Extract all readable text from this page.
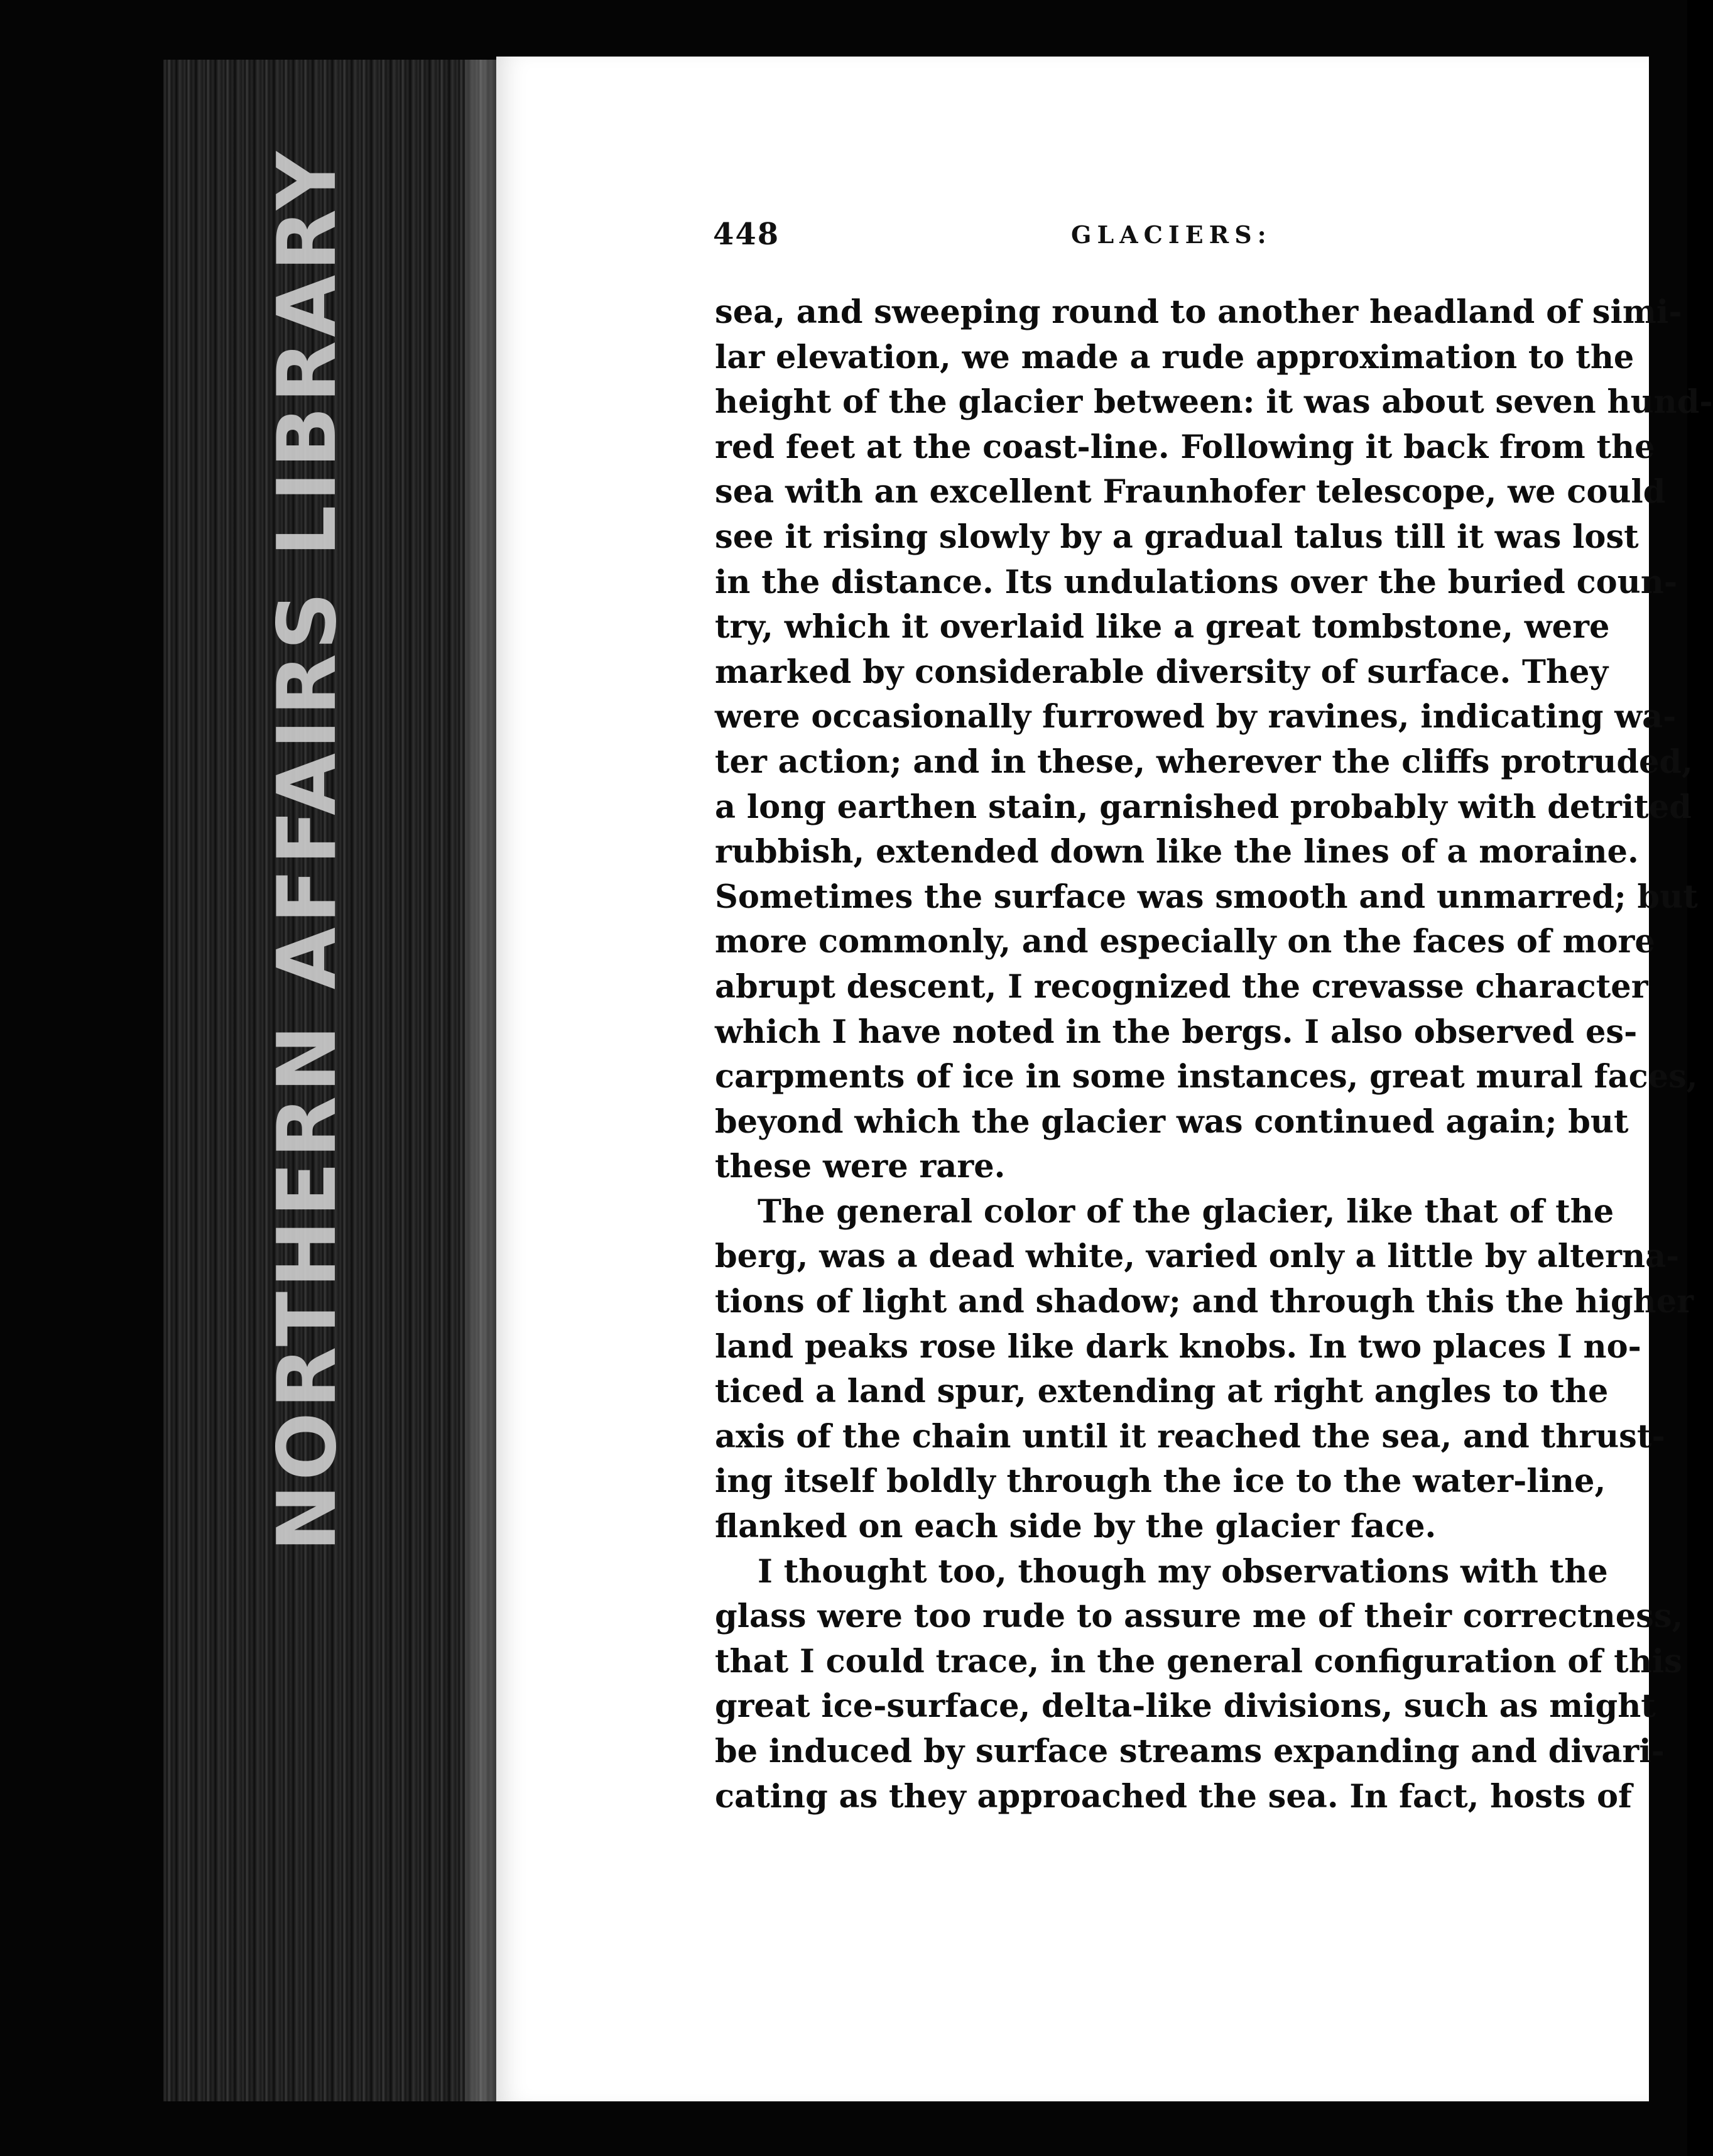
NORTHERN AFFAIRS LIBRARY	448	GLACIERS:
sea, and sweeping round to another headland of simi-
lar elevation, we made a rude approximation to the
height of the glacier between: it was about seven hund-
red feet at the coast-line. Following it back from the
sea with an excellent Fraunhofer telescope, we could
see it rising slowly by a gradual talus till it was lost
in the distance. Its undulations over the buried coun-
try, which it overlaid like a great tombstone, were
marked by considerable diversity of surface. They
were occasionally furrowed by ravines, indicating wa-
ter action; and in these, wherever the cliffs protruded,
a long earthen stain, garnished probably with detrited
rubbish, extended down like the lines of a moraine.
Sometimes the surface was smooth and unmarred; but
more commonly, and especially on the faces of more
abrupt descent, I recognized the crevasse character
which I have noted in the bergs. I also observed es-
carpments of ice in some instances, great mural faces,
beyond which the glacier was continued again; but
these were rare.
The general color of the glacier, like that of the
berg, was a dead white, varied only a little by alterna-
tions of light and shadow; and through this the higher
land peaks rose like dark knobs. In two places I no-
ticed a land spur, extending at right angles to the
axis of the chain until it reached the sea, and thrust-
ing itself boldly through the ice to the water-line,
flanked on each side by the glacier face.
I thought too, though my observations with the
glass were too rude to assure me of their correctness,
that I could trace, in the general configuration of this
great ice-surface, delta-like divisions, such as might
be induced by surface streams expanding and divari-
cating as they approached the sea. In fact, hosts of
